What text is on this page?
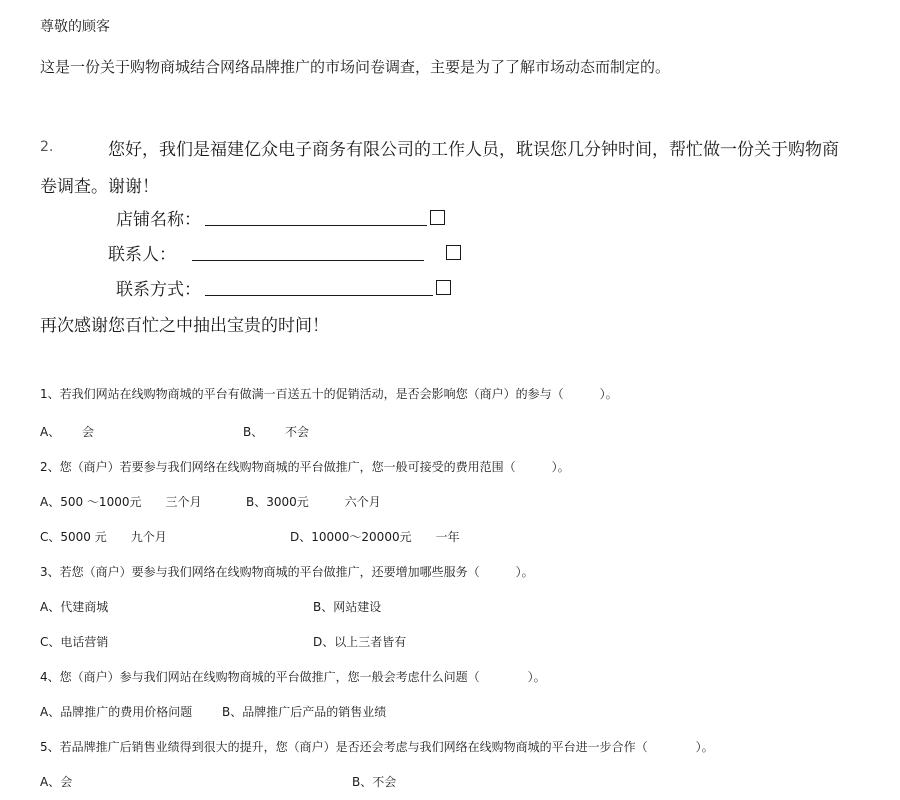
尊敬的顾客
这是一份关于购物商城结合网络品牌推广的市场问卷调查，主要是为了了解市场动态而制定的。
2.	您好，我们是福建亿众电子商务有限公司的工作人员，耽误您几分钟时间，帮忙做一份关于购物商
卷调查。谢谢！
店铺名称：
联系人：
联系方式：
再次感谢您百忙之中抽出宝贵的时间！
1、若我们网站在线购物商城的平台有做满一百送五十的促销活动，是否会影响您（商户）的参与（　　　）。
A、　　 会	B、　　 不会
2、您（商户）若要参与我们网络在线购物商城的平台做推广，您一般可接受的费用范围（　　　）。
A、500 ～1000元　　三个月	B、3000元　　　六个月
C、5000 元　　九个月	D、10000～20000元　　一年
3、若您（商户）要参与我们网络在线购物商城的平台做推广，还要增加哪些服务（　　　）。
A、代建商城	B、网站建设
C、电话营销	D、以上三者皆有
4、您（商户）参与我们网站在线购物商城的平台做推广，您一般会考虑什么问题（　　　　）。
A、品牌推广的费用价格问题 B、品牌推广后产品的销售业绩
5、若品牌推广后销售业绩得到很大的提升，您（商户）是否还会考虑与我们网络在线购物商城的平台进一步合作（　　　　）。
A、会	B、不会
